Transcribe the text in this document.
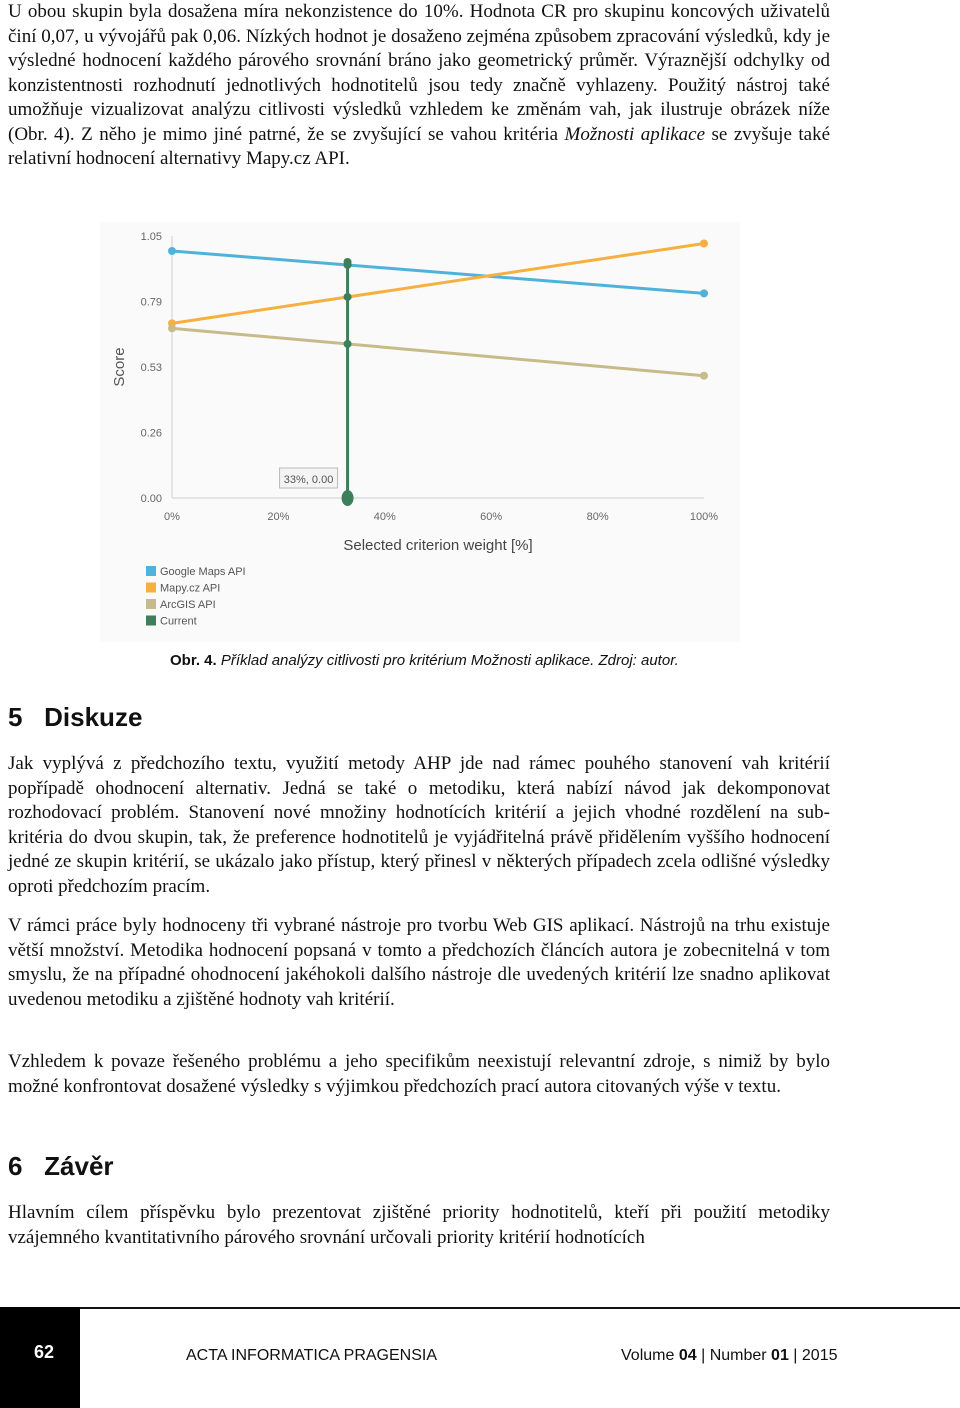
U obou skupin byla dosažena míra nekonzistence do 10%. Hodnota CR pro skupinu koncových uživatelů činí 0,07, u vývojářů pak 0,06. Nízkých hodnot je dosaženo zejména způsobem zpracování výsledků, kdy je výsledné hodnocení každého párového srovnání bráno jako geometrický průměr. Výraznější odchylky od konzistentnosti rozhodnutí jednotlivých hodnotitelů jsou tedy značně vyhlazeny. Použitý nástroj také umožňuje vizualizovat analýzu citlivosti výsledků vzhledem ke změnám vah, jak ilustruje obrázek níže (Obr. 4). Z něho je mimo jiné patrné, že se zvyšující se vahou kritéria Možnosti aplikace se zvyšuje také relativní hodnocení alternativy Mapy.cz API.

0.00
0.26
0.53
0.79
1.05
0%	20%	40%	60%	80%	100%
Score
Selected criterion weight [%]
33%, 0.00
Google Maps API
Mapy.cz API
ArcGIS API
Current
Obr. 4. Příklad analýzy citlivosti pro kritérium Možnosti aplikace. Zdroj: autor.
5 Diskuze

Jak vyplývá z předchozího textu, využití metody AHP jde nad rámec pouhého stanovení vah kritérií popřípadě ohodnocení alternativ. Jedná se také o metodiku, která nabízí návod jak dekomponovat rozhodovací problém. Stanovení nové množiny hodnotících kritérií a jejich vhodné rozdělení na sub-kritéria do dvou skupin, tak, že preference hodnotitelů je vyjádřitelná právě přidělením vyššího hodnocení jedné ze skupin kritérií, se ukázalo jako přístup, který přinesl v některých případech zcela odlišné výsledky oproti předchozím pracím.

V rámci práce byly hodnoceny tři vybrané nástroje pro tvorbu Web GIS aplikací. Nástrojů na trhu existuje větší množství. Metodika hodnocení popsaná v tomto a předchozích článcích autora je zobecnitelná v tom smyslu, že na případné ohodnocení jakéhokoli dalšího nástroje dle uvedených kritérií lze snadno aplikovat uvedenou metodiku a zjištěné hodnoty vah kritérií.

Vzhledem k povaze řešeného problému a jeho specifikům neexistují relevantní zdroje, s nimiž by bylo možné konfrontovat dosažené výsledky s výjimkou předchozích prací autora citovaných výše v textu.

6 Závěr

Hlavním cílem příspěvku bylo prezentovat zjištěné priority hodnotitelů, kteří při použití metodiky vzájemného kvantitativního párového srovnání určovali priority kritérií hodnotících

62	ACTA INFORMATICA PRAGENSIA	Volume 04 | Number 01 | 2015
